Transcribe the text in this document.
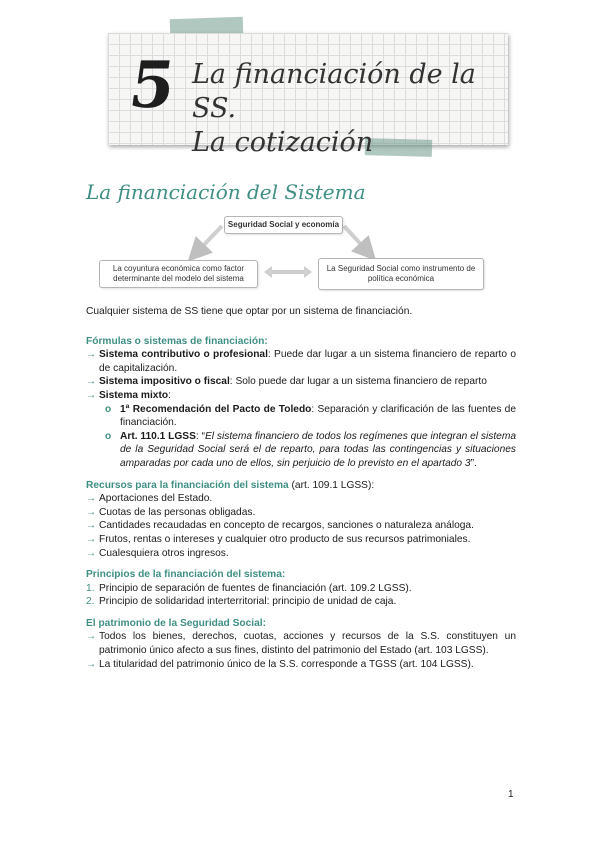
5 La financiación de la SS.
La cotización
La financiación del Sistema
Seguridad Social y economía
La coyuntura económica como factor determinante del modelo del sistema
La Seguridad Social como instrumento de política económica

Cualquier sistema de SS tiene que optar por un sistema de financiación.

Fórmulas o sistemas de financiación:

→ Sistema contributivo o profesional: Puede dar lugar a un sistema financiero de reparto o de capitalización.

→ Sistema impositivo o fiscal: Solo puede dar lugar a un sistema financiero de reparto

→ Sistema mixto:

o 1ª Recomendación del Pacto de Toledo: Separación y clarificación de las fuentes de financiación.

o Art. 110.1 LGSS: “El sistema financiero de todos los regímenes que integran el sistema de la Seguridad Social será el de reparto, para todas las contingencias y situaciones amparadas por cada uno de ellos, sin perjuicio de lo previsto en el apartado 3”.

Recursos para la financiación del sistema (art. 109.1 LGSS):

→ Aportaciones del Estado.

→ Cuotas de las personas obligadas.

→ Cantidades recaudadas en concepto de recargos, sanciones o naturaleza análoga.

→ Frutos, rentas o intereses y cualquier otro producto de sus recursos patrimoniales.

→ Cualesquiera otros ingresos.

Principios de la financiación del sistema:

1. Principio de separación de fuentes de financiación (art. 109.2 LGSS).

2. Principio de solidaridad interterritorial: principio de unidad de caja.

El patrimonio de la Seguridad Social:

→ Todos los bienes, derechos, cuotas, acciones y recursos de la S.S. constituyen un patrimonio único afecto a sus fines, distinto del patrimonio del Estado (art. 103 LGSS).

→ La titularidad del patrimonio único de la S.S. corresponde a TGSS (art. 104 LGSS).

1
